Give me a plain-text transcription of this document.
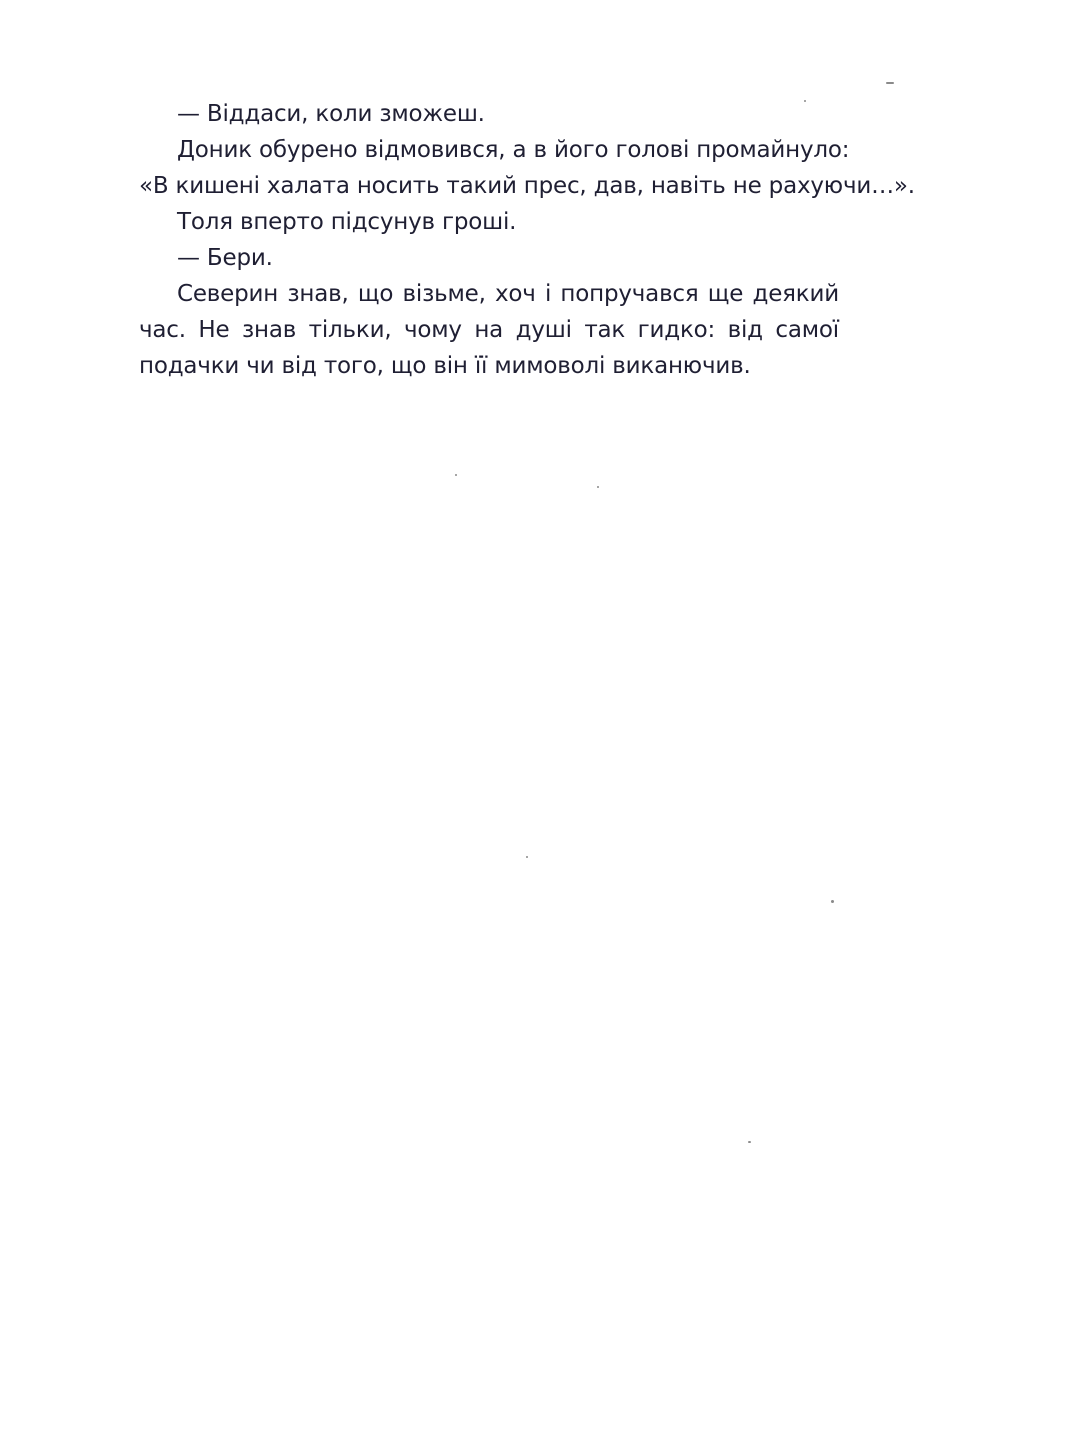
— Віддаси, коли зможеш.

Доник обурено відмовився, а в його голові промайнуло:

«В кишені халата носить такий прес, дав, навіть не рахуючи…».

Толя вперто підсунув гроші.

— Бери.

Северин знав, що візьме, хоч і попручався ще деякий час. Не знав тільки, чому на душі так гидко: від самої подачки чи від того, що він її мимоволі виканючив.
